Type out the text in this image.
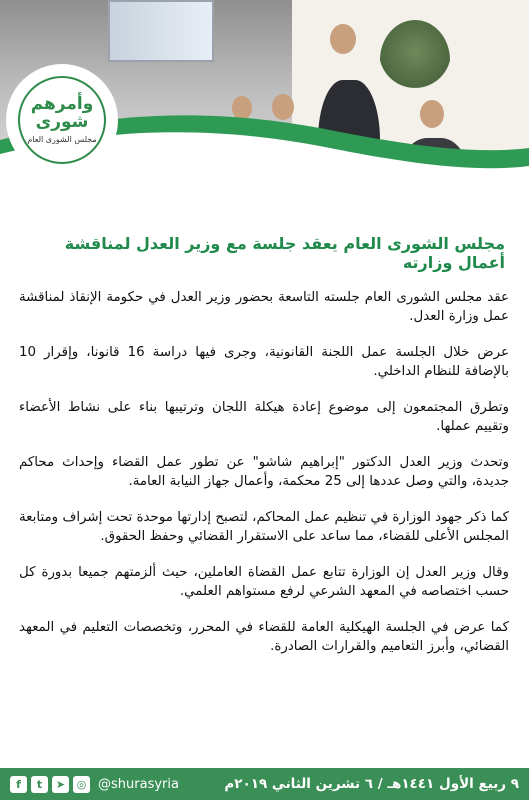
وأمرهم شورى
مجلس الشورى العام
مجلس الشورى العام يعقد جلسة مع وزير العدل لمناقشة أعمال وزارته

عقد مجلس الشورى العام جلسته التاسعة بحضور وزير العدل في حكومة الإنقاذ لمناقشة عمل وزارة العدل.

عرض خلال الجلسة عمل اللجنة القانونية، وجرى فيها دراسة 16 قانونا، وإقرار 10 بالإضافة للنظام الداخلي.

وتطرق المجتمعون إلى موضوع إعادة هيكلة اللجان وترتيبها بناء على نشاط الأعضاء وتقييم عملها.

وتحدث وزير العدل الدكتور "إبراهيم شاشو" عن تطور عمل القضاء وإحداث محاكم جديدة، والتي وصل عددها إلى 25 محكمة، وأعمال جهاز النيابة العامة.

كما ذكر جهود الوزارة في تنظيم عمل المحاكم، لتصبح إدارتها موحدة تحت إشراف ومتابعة المجلس الأعلى للقضاء، مما ساعد على الاستقرار القضائي وحفظ الحقوق.

وقال وزير العدل إن الوزارة تتابع عمل القضاة العاملين، حيث ألزمتهم جميعا بدورة كل حسب اختصاصه في المعهد الشرعي لرفع مستواهم العلمي.

كما عرض في الجلسة الهيكلية العامة للقضاء في المحرر، وتخصصات التعليم في المعهد القضائي، وأبرز التعاميم والقرارات الصادرة.

f	t	➤	◎ @shurasyria	٩ ربيع الأول ١٤٤١هـ / ٦ تشرين الثاني ٢٠١٩م
